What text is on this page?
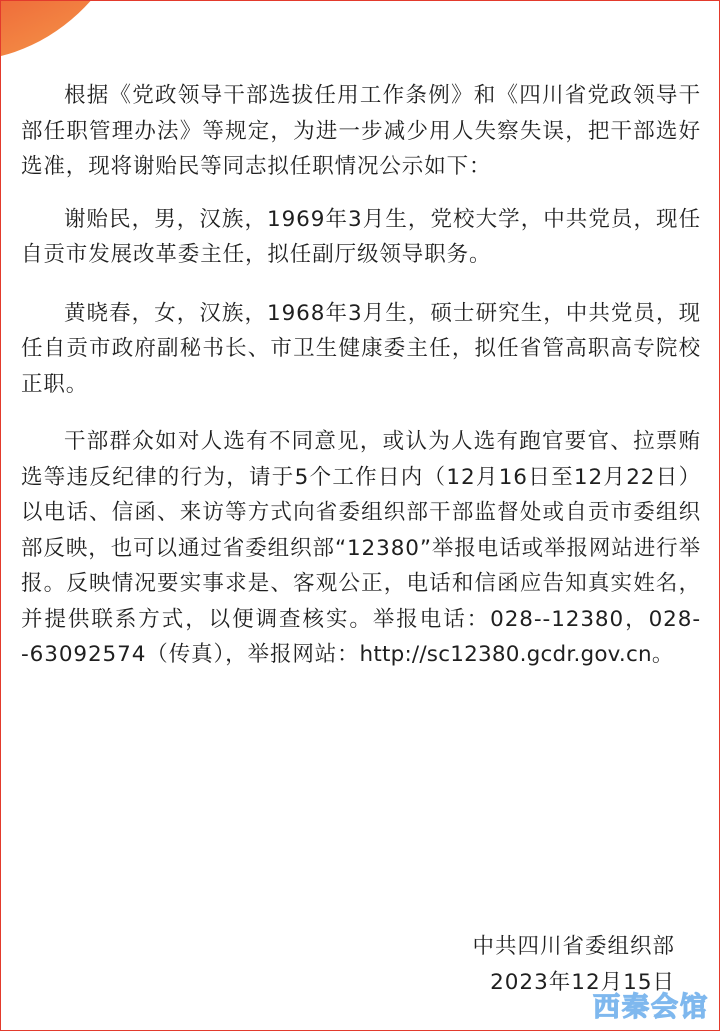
根据《党政领导干部选拔任用工作条例》和《四川省党政领导干部任职管理办法》等规定，为进一步减少用人失察失误，把干部选好选准，现将谢贻民等同志拟任职情况公示如下：

谢贻民，男，汉族，1969年3月生，党校大学，中共党员，现任自贡市发展改革委主任，拟任副厅级领导职务。

黄晓春，女，汉族，1968年3月生，硕士研究生，中共党员，现任自贡市政府副秘书长、市卫生健康委主任，拟任省管高职高专院校正职。

干部群众如对人选有不同意见，或认为人选有跑官要官、拉票贿选等违反纪律的行为，请于5个工作日内（12月16日至12月22日）以电话、信函、来访等方式向省委组织部干部监督处或自贡市委组织部反映，也可以通过省委组织部“12380”举报电话或举报网站进行举报。反映情况要实事求是、客观公正，电话和信函应告知真实姓名，并提供联系方式，以便调查核实。举报电话：028--12380，028--63092574（传真），举报网站：http://sc12380.gcdr.gov.cn。

中共四川省委组织部
2023年12月15日
西秦会馆
